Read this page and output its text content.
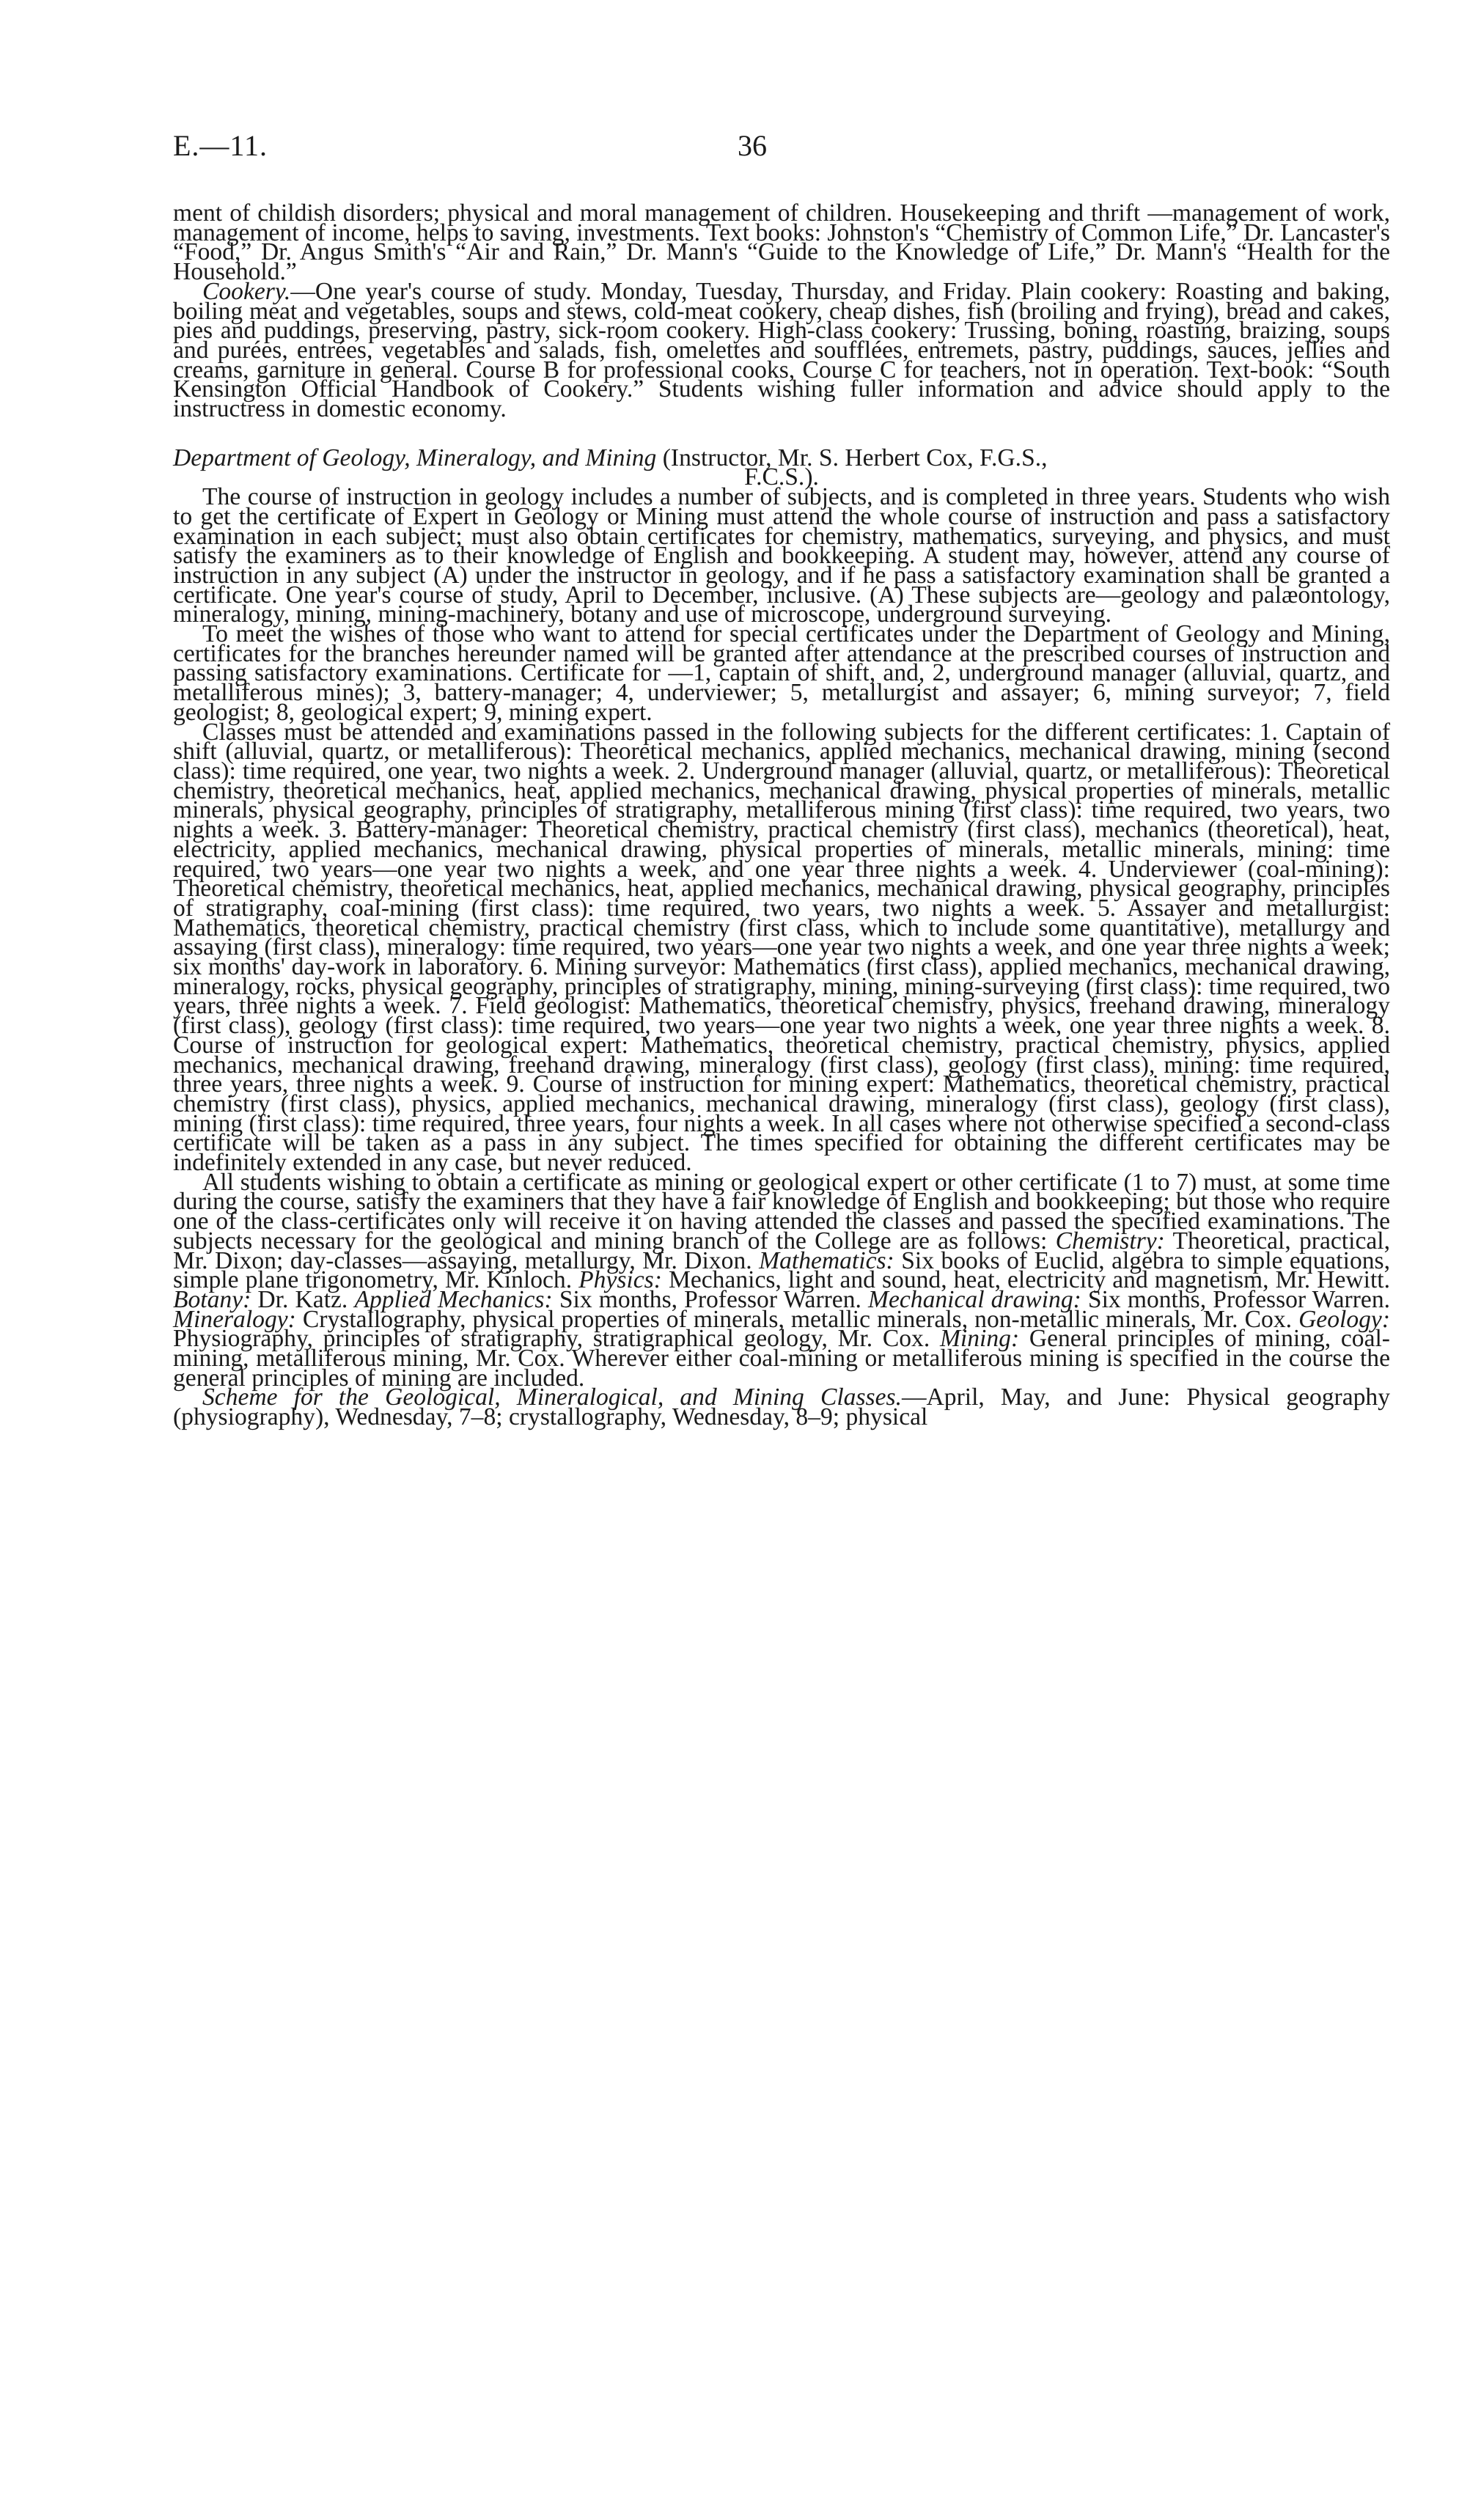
E.—11.	36

ment of childish disorders; physical and moral management of children. Housekeeping and thrift —management of work, management of income, helps to saving, investments. Text books: Johnston's “Chemistry of Common Life,” Dr. Lancaster's “Food,” Dr. Angus Smith's “Air and Rain,” Dr. Mann's “Guide to the Knowledge of Life,” Dr. Mann's “Health for the Household.”

Cookery.—One year's course of study. Monday, Tuesday, Thursday, and Friday. Plain cookery: Roasting and baking, boiling meat and vegetables, soups and stews, cold-meat cookery, cheap dishes, fish (broiling and frying), bread and cakes, pies and puddings, preserving, pastry, sick-room cookery. High-class cookery: Trussing, boning, roasting, braizing, soups and purées, entrées, vegetables and salads, fish, omelettes and soufflées, entremets, pastry, puddings, sauces, jellies and creams, garniture in general. Course B for professional cooks, Course C for teachers, not in operation. Text-book: “South Kensington Official Handbook of Cookery.” Students wishing fuller information and advice should apply to the instructress in domestic economy.

Department of Geology, Mineralogy, and Mining (Instructor, Mr. S. Herbert Cox, F.G.S.,

F.C.S.).

The course of instruction in geology includes a number of subjects, and is completed in three years. Students who wish to get the certificate of Expert in Geology or Mining must attend the whole course of instruction and pass a satisfactory examination in each subject; must also obtain certificates for chemistry, mathematics, surveying, and physics, and must satisfy the examiners as to their knowledge of English and bookkeeping. A student may, however, attend any course of instruction in any subject (A) under the instructor in geology, and if he pass a satisfactory examination shall be granted a certificate. One year's course of study, April to December, inclusive. (A) These subjects are—geology and palæontology, mineralogy, mining, mining-machinery, botany and use of microscope, underground surveying.

To meet the wishes of those who want to attend for special certificates under the Department of Geology and Mining, certificates for the branches hereunder named will be granted after attendance at the prescribed courses of instruction and passing satisfactory examinations. Certificate for —1, captain of shift, and, 2, underground manager (alluvial, quartz, and metalliferous mines); 3, battery-manager; 4, underviewer; 5, metallurgist and assayer; 6, mining surveyor; 7, field geologist; 8, geological expert; 9, mining expert.

Classes must be attended and examinations passed in the following subjects for the different certificates: 1. Captain of shift (alluvial, quartz, or metalliferous): Theoretical mechanics, applied mechanics, mechanical drawing, mining (second class): time required, one year, two nights a week. 2. Underground manager (alluvial, quartz, or metalliferous): Theoretical chemistry, theoretical mechanics, heat, applied mechanics, mechanical drawing, physical properties of minerals, metallic minerals, physical geography, principles of stratigraphy, metalliferous mining (first class): time required, two years, two nights a week. 3. Battery-manager: Theoretical chemistry, practical chemistry (first class), mechanics (theoretical), heat, electricity, applied mechanics, mechanical drawing, physical properties of minerals, metallic minerals, mining: time required, two years—one year two nights a week, and one year three nights a week. 4. Underviewer (coal-mining): Theoretical chemistry, theoretical mechanics, heat, applied mechanics, mechanical drawing, physical geography, principles of stratigraphy, coal-mining (first class): time required, two years, two nights a week. 5. Assayer and metallurgist: Mathematics, theoretical chemistry, practical chemistry (first class, which to include some quantitative), metallurgy and assaying (first class), mineralogy: time required, two years—one year two nights a week, and one year three nights a week; six months' day-work in laboratory. 6. Mining surveyor: Mathematics (first class), applied mechanics, mechanical drawing, mineralogy, rocks, physical geography, principles of stratigraphy, mining, mining-surveying (first class): time required, two years, three nights a week. 7. Field geologist: Mathematics, theoretical chemistry, physics, freehand drawing, mineralogy (first class), geology (first class): time required, two years—one year two nights a week, one year three nights a week. 8. Course of instruction for geological expert: Mathematics, theoretical chemistry, practical chemistry, physics, applied mechanics, mechanical drawing, freehand drawing, mineralogy (first class), geology (first class), mining: time required, three years, three nights a week. 9. Course of instruction for mining expert: Mathematics, theoretical chemistry, practical chemistry (first class), physics, applied mechanics, mechanical drawing, mineralogy (first class), geology (first class), mining (first class): time required, three years, four nights a week. In all cases where not otherwise specified a second-class certificate will be taken as a pass in any subject. The times specified for obtaining the different certificates may be indefinitely extended in any case, but never reduced.

All students wishing to obtain a certificate as mining or geological expert or other certificate (1 to 7) must, at some time during the course, satisfy the examiners that they have a fair knowledge of English and bookkeeping; but those who require one of the class-certificates only will receive it on having attended the classes and passed the specified examinations. The subjects necessary for the geological and mining branch of the College are as follows: Chemistry: Theoretical, practical, Mr. Dixon; day-classes—assaying, metallurgy, Mr. Dixon. Mathematics: Six books of Euclid, algebra to simple equations, simple plane trigonometry, Mr. Kinloch. Physics: Mechanics, light and sound, heat, electricity and magnetism, Mr. Hewitt. Botany: Dr. Katz. Applied Mechanics: Six months, Professor Warren. Mechanical drawing: Six months, Professor Warren. Mineralogy: Crystallography, physical properties of minerals, metallic minerals, non-metallic minerals, Mr. Cox. Geology: Physiography, principles of stratigraphy, stratigraphical geology, Mr. Cox. Mining: General principles of mining, coal-mining, metalliferous mining, Mr. Cox. Wherever either coal-mining or metalliferous mining is specified in the course the general principles of mining are included.

Scheme for the Geological, Mineralogical, and Mining Classes.—April, May, and June: Physical geography (physiography), Wednesday, 7–8; crystallography, Wednesday, 8–9; physical
